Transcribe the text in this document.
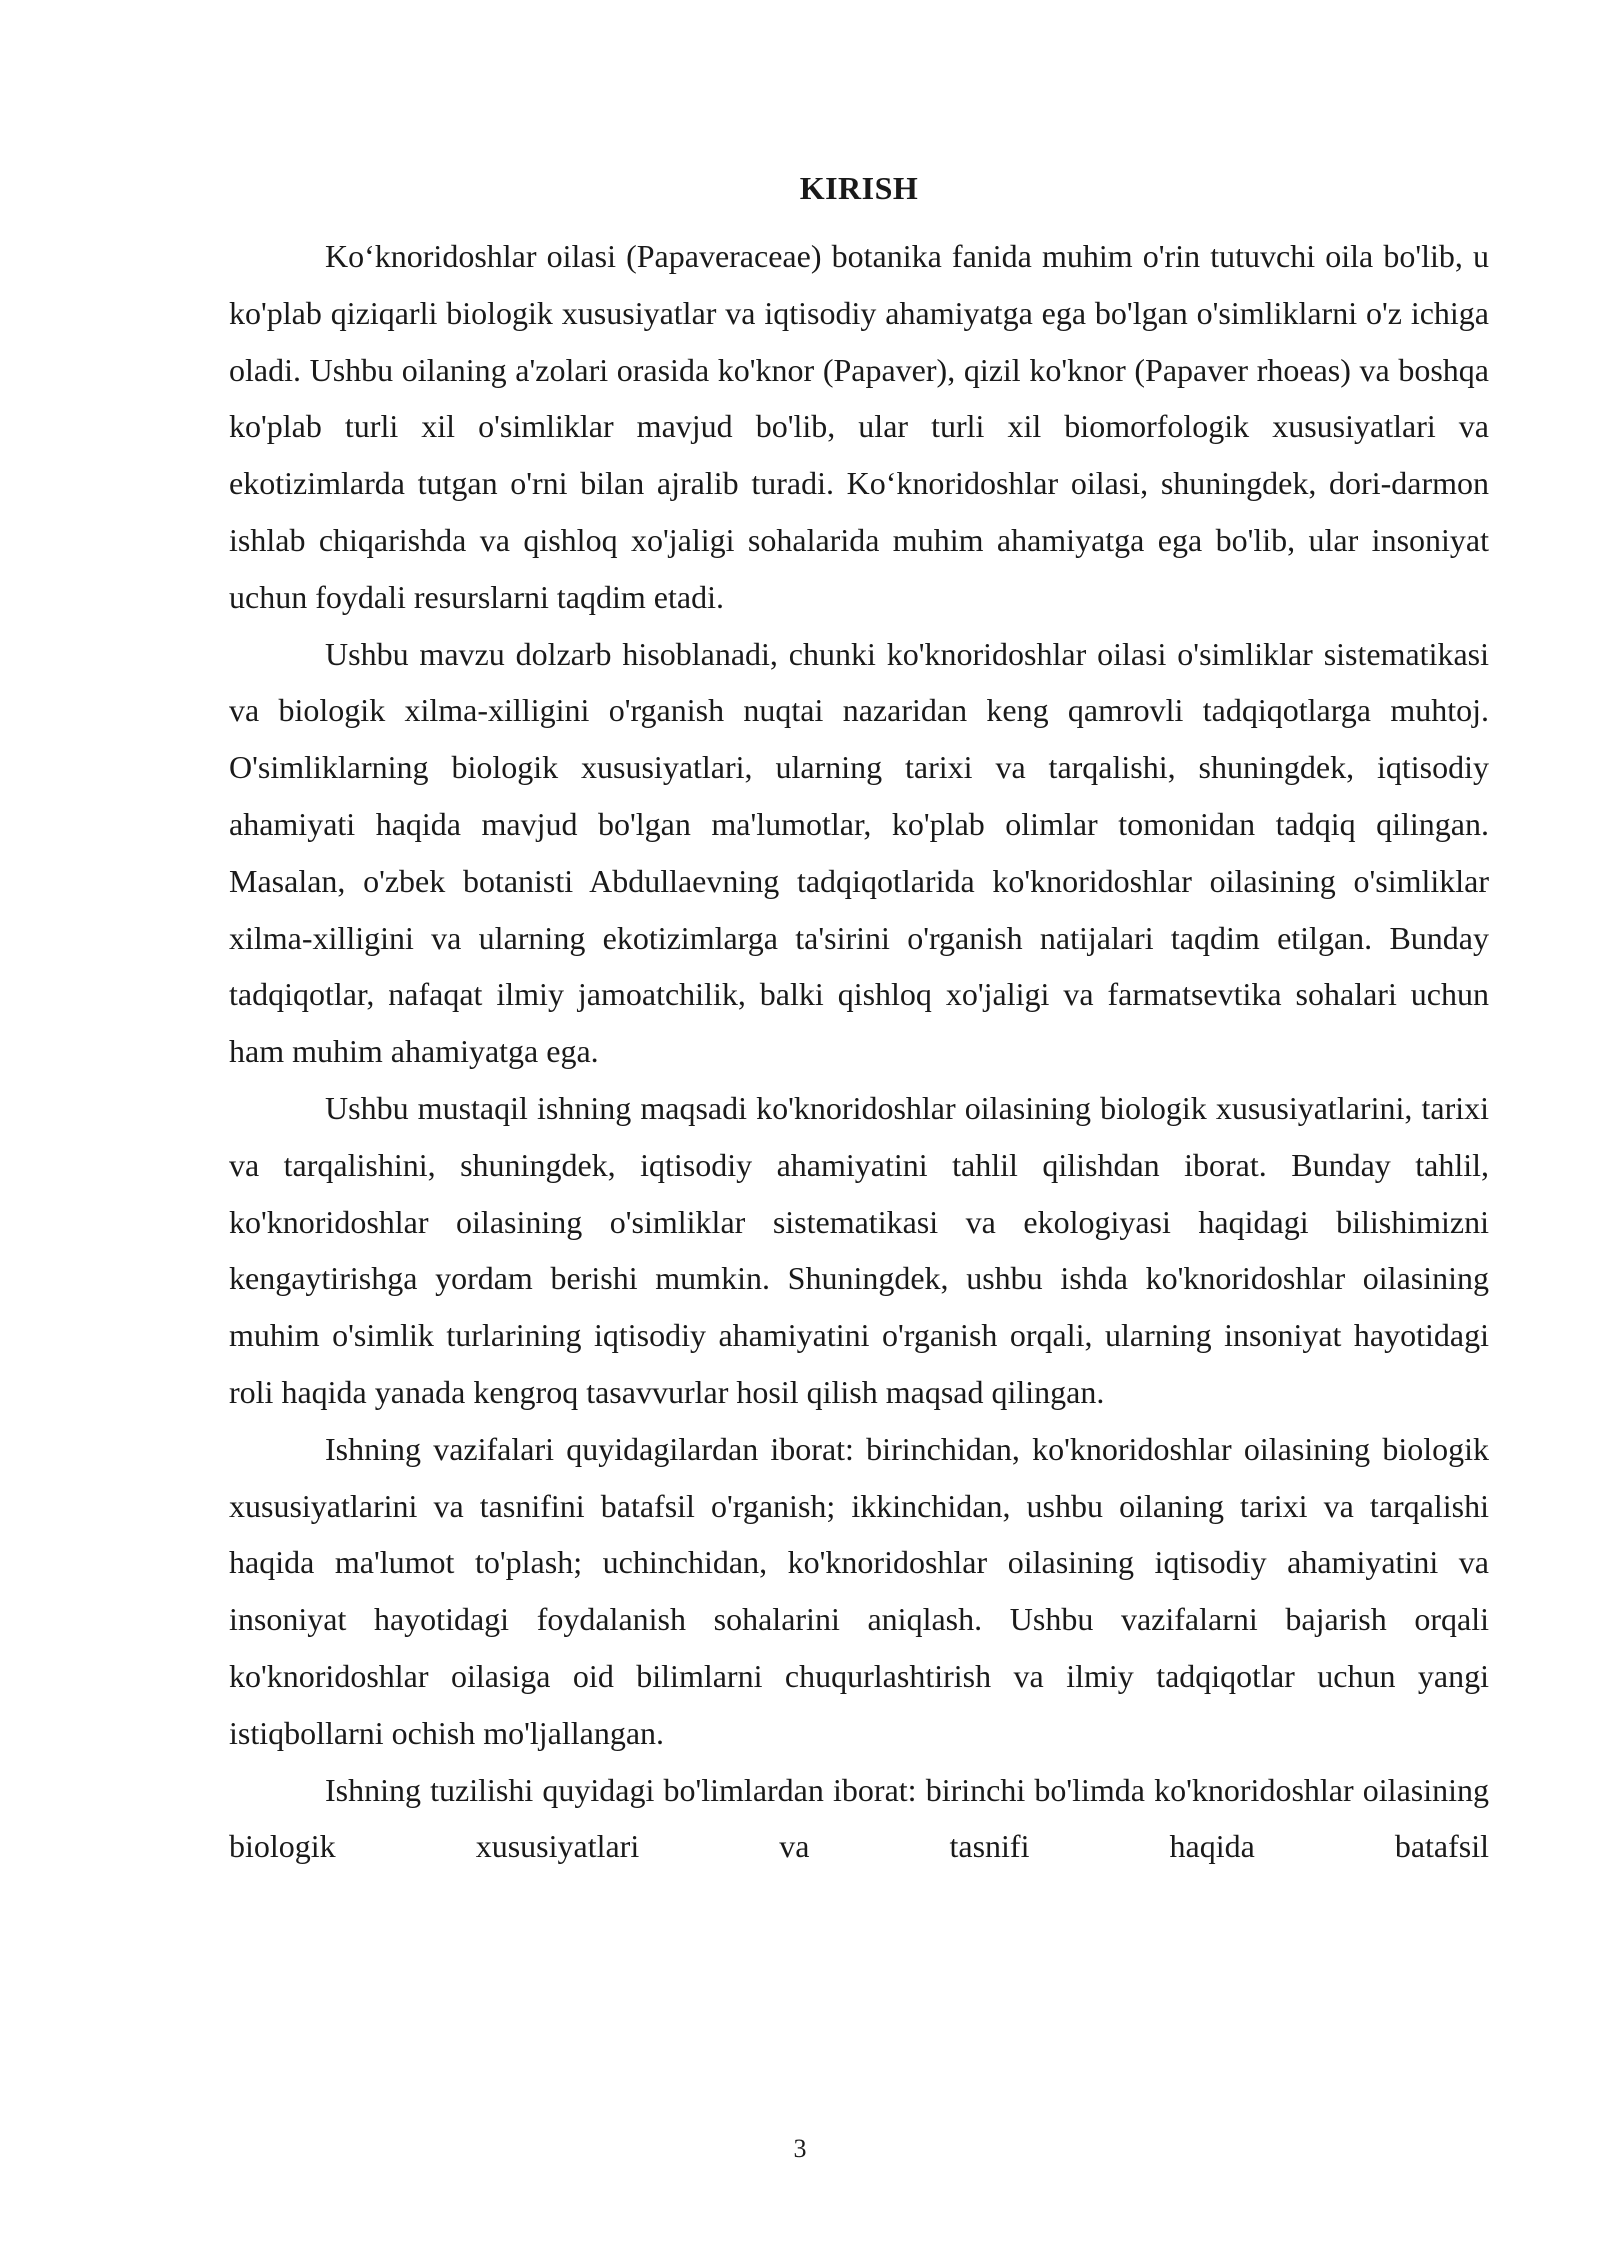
KIRISH

Ko‘knoridoshlar oilasi (Papaveraceae) botanika fanida muhim o'rin tutuvchi oila bo'lib, u ko'plab qiziqarli biologik xususiyatlar va iqtisodiy ahamiyatga ega bo'lgan o'simliklarni o'z ichiga oladi. Ushbu oilaning a'zolari orasida ko'knor (Papaver), qizil ko'knor (Papaver rhoeas) va boshqa ko'plab turli xil o'simliklar mavjud bo'lib, ular turli xil biomorfologik xususiyatlari va ekotizimlarda tutgan o'rni bilan ajralib turadi. Ko‘knoridoshlar oilasi, shuningdek, dori-darmon ishlab chiqarishda va qishloq xo'jaligi sohalarida muhim ahamiyatga ega bo'lib, ular insoniyat uchun foydali resurslarni taqdim etadi.

Ushbu mavzu dolzarb hisoblanadi, chunki ko'knoridoshlar oilasi o'simliklar sistematikasi va biologik xilma-xilligini o'rganish nuqtai nazaridan keng qamrovli tadqiqotlarga muhtoj. O'simliklarning biologik xususiyatlari, ularning tarixi va tarqalishi, shuningdek, iqtisodiy ahamiyati haqida mavjud bo'lgan ma'lumotlar, ko'plab olimlar tomonidan tadqiq qilingan. Masalan, o'zbek botanisti Abdullaevning tadqiqotlarida ko'knoridoshlar oilasining o'simliklar xilma-xilligini va ularning ekotizimlarga ta'sirini o'rganish natijalari taqdim etilgan. Bunday tadqiqotlar, nafaqat ilmiy jamoatchilik, balki qishloq xo'jaligi va farmatsevtika sohalari uchun ham muhim ahamiyatga ega.

Ushbu mustaqil ishning maqsadi ko'knoridoshlar oilasining biologik xususiyatlarini, tarixi va tarqalishini, shuningdek, iqtisodiy ahamiyatini tahlil qilishdan iborat. Bunday tahlil, ko'knoridoshlar oilasining o'simliklar sistematikasi va ekologiyasi haqidagi bilishimizni kengaytirishga yordam berishi mumkin. Shuningdek, ushbu ishda ko'knoridoshlar oilasining muhim o'simlik turlarining iqtisodiy ahamiyatini o'rganish orqali, ularning insoniyat hayotidagi roli haqida yanada kengroq tasavvurlar hosil qilish maqsad qilingan.

Ishning vazifalari quyidagilardan iborat: birinchidan, ko'knoridoshlar oilasining biologik xususiyatlarini va tasnifini batafsil o'rganish; ikkinchidan, ushbu oilaning tarixi va tarqalishi haqida ma'lumot to'plash; uchinchidan, ko'knoridoshlar oilasining iqtisodiy ahamiyatini va insoniyat hayotidagi foydalanish sohalarini aniqlash. Ushbu vazifalarni bajarish orqali ko'knoridoshlar oilasiga oid bilimlarni chuqurlashtirish va ilmiy tadqiqotlar uchun yangi istiqbollarni ochish mo'ljallangan.

Ishning tuzilishi quyidagi bo'limlardan iborat: birinchi bo'limda ko'knoridoshlar oilasining biologik xususiyatlari va tasnifi haqida batafsil

3
